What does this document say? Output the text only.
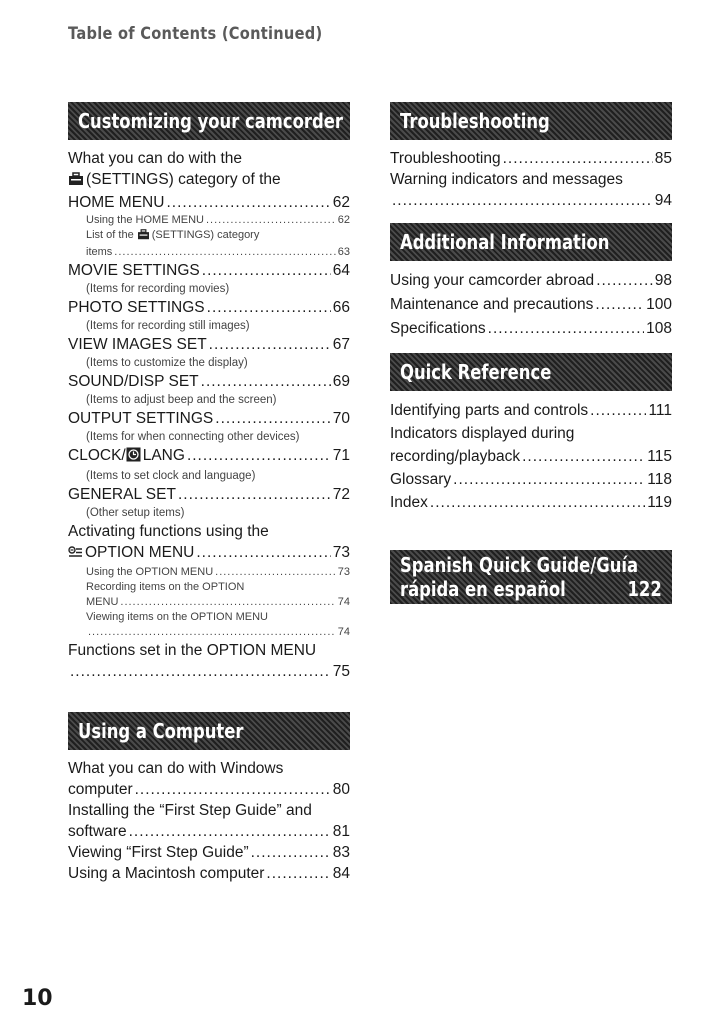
Table of Contents (Continued)
Customizing your camcorder
What you can do with the
(SETTINGS) category of the
HOME MENU .....	62
Using the HOME MENU .....	62
List of the (SETTINGS) category
items .....	63
MOVIE SETTINGS .....	64
(Items for recording movies)
PHOTO SETTINGS .....	66
(Items for recording still images)
VIEW IMAGES SET .....	67
(Items to customize the display)
SOUND/DISP SET .....	69
(Items to adjust beep and the screen)
OUTPUT SETTINGS .....	70
(Items for when connecting other devices)
CLOCK/ LANG .....	71
(Items to set clock and language)
GENERAL SET .....	72
(Other setup items)
Activating functions using the
OPTION MENU .....	73
Using the OPTION MENU .....	73
Recording items on the OPTION
MENU .....	74
Viewing items on the OPTION MENU
.....
74
Functions set in the OPTION MENU
.....
75
Using a Computer
What you can do with Windows
computer .....	80
Installing the “First Step Guide” and
software .....	81
Viewing “First Step Guide” .....	83
Using a Macintosh computer .....	84
Troubleshooting
Troubleshooting .....	85
Warning indicators and messages
.....
94
Additional Information
Using your camcorder abroad .....	98
Maintenance and precautions .....	100
Specifications .....	108
Quick Reference
Identifying parts and controls .....	111
Indicators displayed during
recording/playback .....	115
Glossary .....	118
Index .....	119
Spanish Quick Guide/Guía
rápida en español	122
10
